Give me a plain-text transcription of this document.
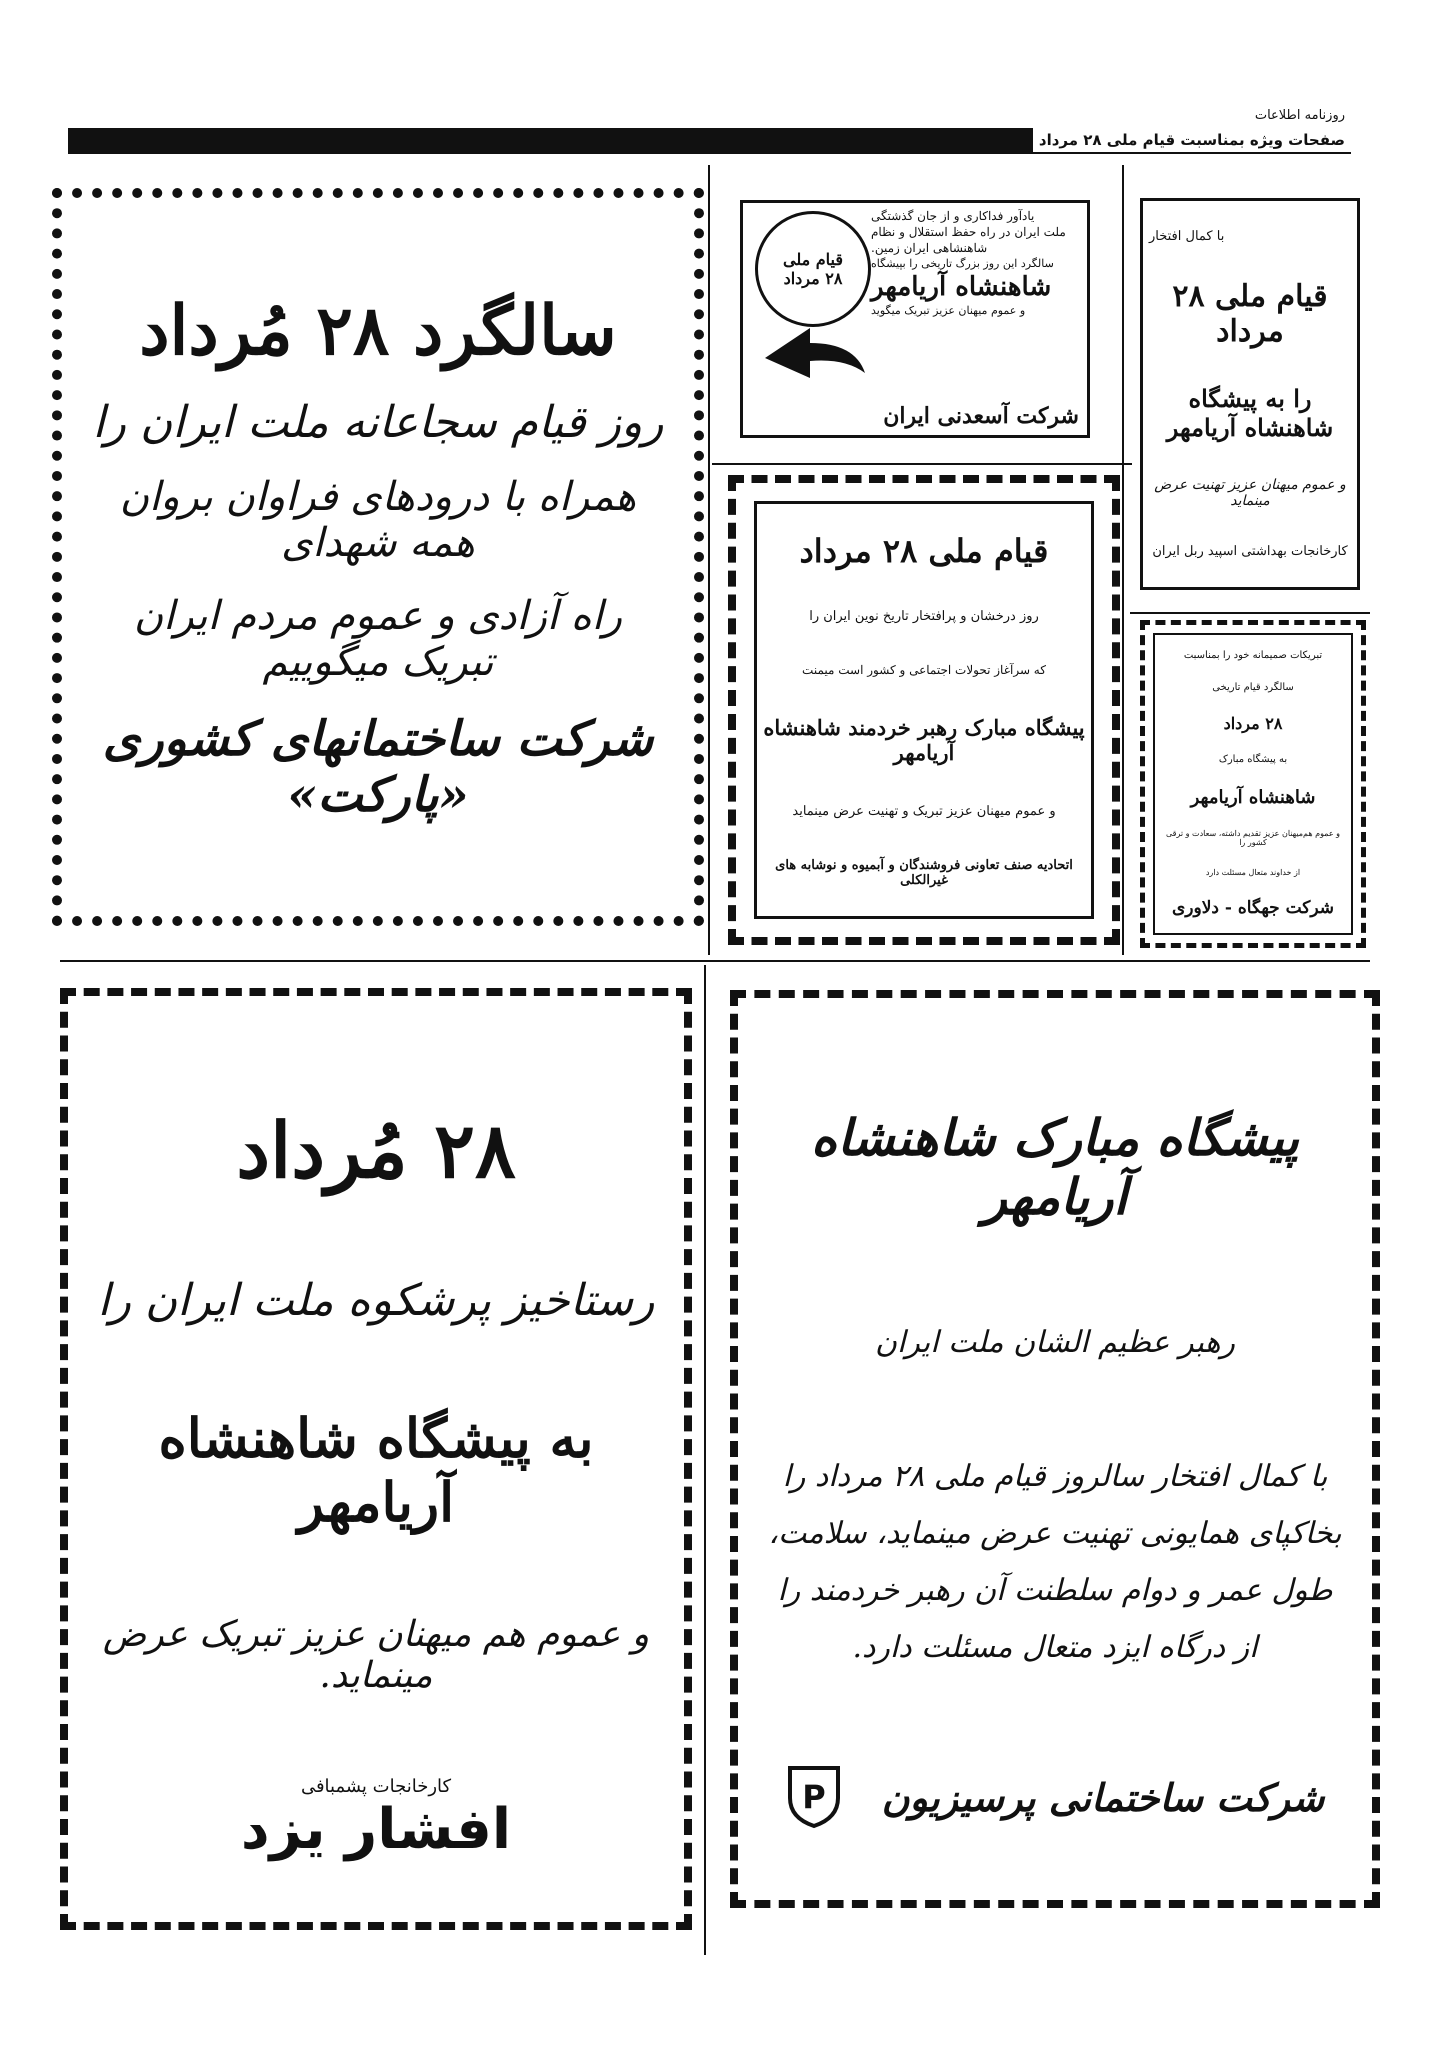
روزنامه اطلاعات
صفحات ویژه بمناسبت قیام ملی ۲۸ مرداد
سالگرد ۲۸ مُرداد
روز قیام سجاعانه ملت ایران را
همراه با درودهای فراوان بروان همه شهدای
راه آزادی و عموم مردم ایران تبریک میگوییم
شرکت ساختمانهای کشوری «پارکت»
قیام ملی
۲۸ مرداد
یادآور فداکاری و از جان گذشتگی
ملت ایران در راه حفظ استقلال و نظام
شاهنشاهی ایران زمین.
سالگرد این روز بزرگ تاریخی را بپیشگاه
شاهنشاه آریامهر
و عموم میهنان عزیز تبریک میگوید
شرکت آسعدنی ایران
با کمال افتخار
قیام ملی ۲۸ مرداد
را به پیشگاه شاهنشاه آریامهر
و عموم میهنان عزیز تهنیت عرض مینماید
کارخانجات بهداشتی اسپید ربل ایران
قیام ملی ۲۸ مرداد
روز درخشان و پرافتخار تاریخ نوین ایران را
که سرآغاز تحولات اجتماعی و کشور است میمنت
پیشگاه مبارک رهبر خردمند شاهنشاه آریامهر
و عموم میهنان عزیز تبریک و تهنیت عرض مینماید
اتحادیه صنف تعاونی فروشندگان و آبمیوه و نوشابه های غیرالکلی
تبریکات صمیمانه خود را بمناسبت
سالگرد قیام تاریخی
۲۸ مرداد
به پیشگاه مبارک
شاهنشاه آریامهر
و عموم هم‌میهنان عزیز تقدیم داشته، سعادت و ترقی کشور را
از خداوند متعال مسئلت دارد
شرکت جهگاه - دلاوری
۲۸ مُرداد
رستاخیز پرشکوه ملت ایران را
به پیشگاه شاهنشاه آریامهر
و عموم هم میهنان عزیز تبریک عرض مینماید.
کارخانجات پشمبافی
افشار یزد
پیشگاه مبارک شاهنشاه آریامهر
رهبر عظیم الشان ملت ایران
با کمال افتخار سالروز قیام ملی ۲۸ مرداد را
بخاکپای همایونی تهنیت عرض مینماید، سلامت،
طول عمر و دوام سلطنت آن رهبر خردمند را
از درگاه ایزد متعال مسئلت دارد.
شرکت ساختمانی پرسیزیون
P
